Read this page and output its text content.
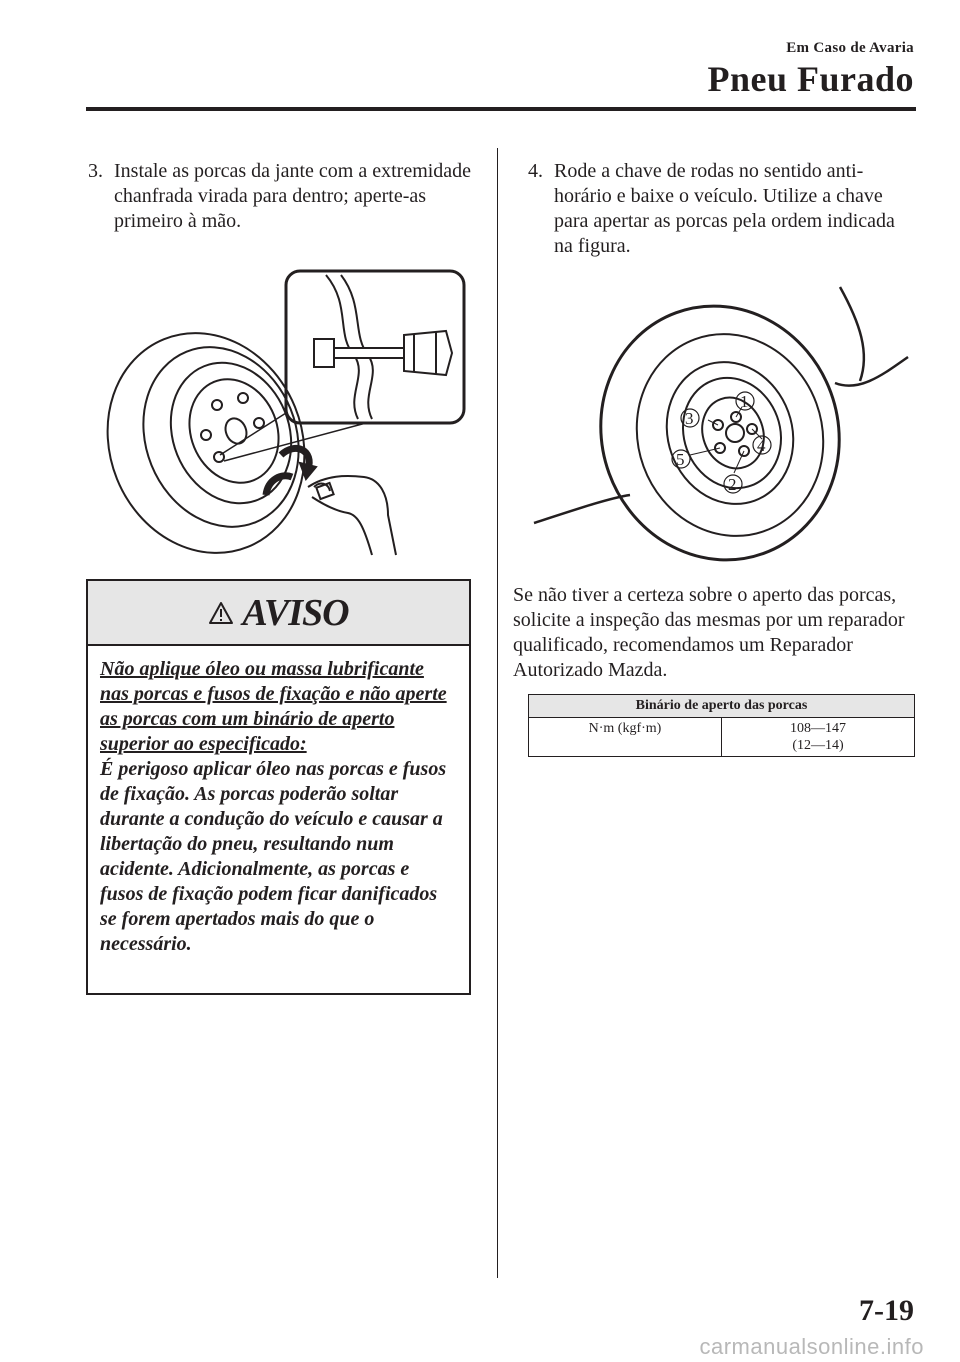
Em Caso de Avaria
Pneu Furado
3. Instale as porcas da jante com a extremidade chanfrada virada para dentro; aperte-as primeiro à mão.
AVISO
Não aplique óleo ou massa lubrificante nas porcas e fusos de fixação e não aperte as porcas com um binário de aperto superior ao especificado:
É perigoso aplicar óleo nas porcas e fusos de fixação. As porcas poderão soltar durante a condução do veículo e causar a libertação do pneu, resultando num acidente. Adicionalmente, as porcas e fusos de fixação podem ficar danificados se forem apertados mais do que o necessário.
4. Rode a chave de rodas no sentido anti-horário e baixe o veículo. Utilize a chave para apertar as porcas pela ordem indicada na figura.
1
2
3
4
5
Se não tiver a certeza sobre o aperto das porcas, solicite a inspeção das mesmas por um reparador qualificado, recomendamos um Reparador Autorizado Mazda.
Binário de aperto das porcas
N·m (kgf·m)	108—147
(12—14)
7-19
carmanualsonline.info
